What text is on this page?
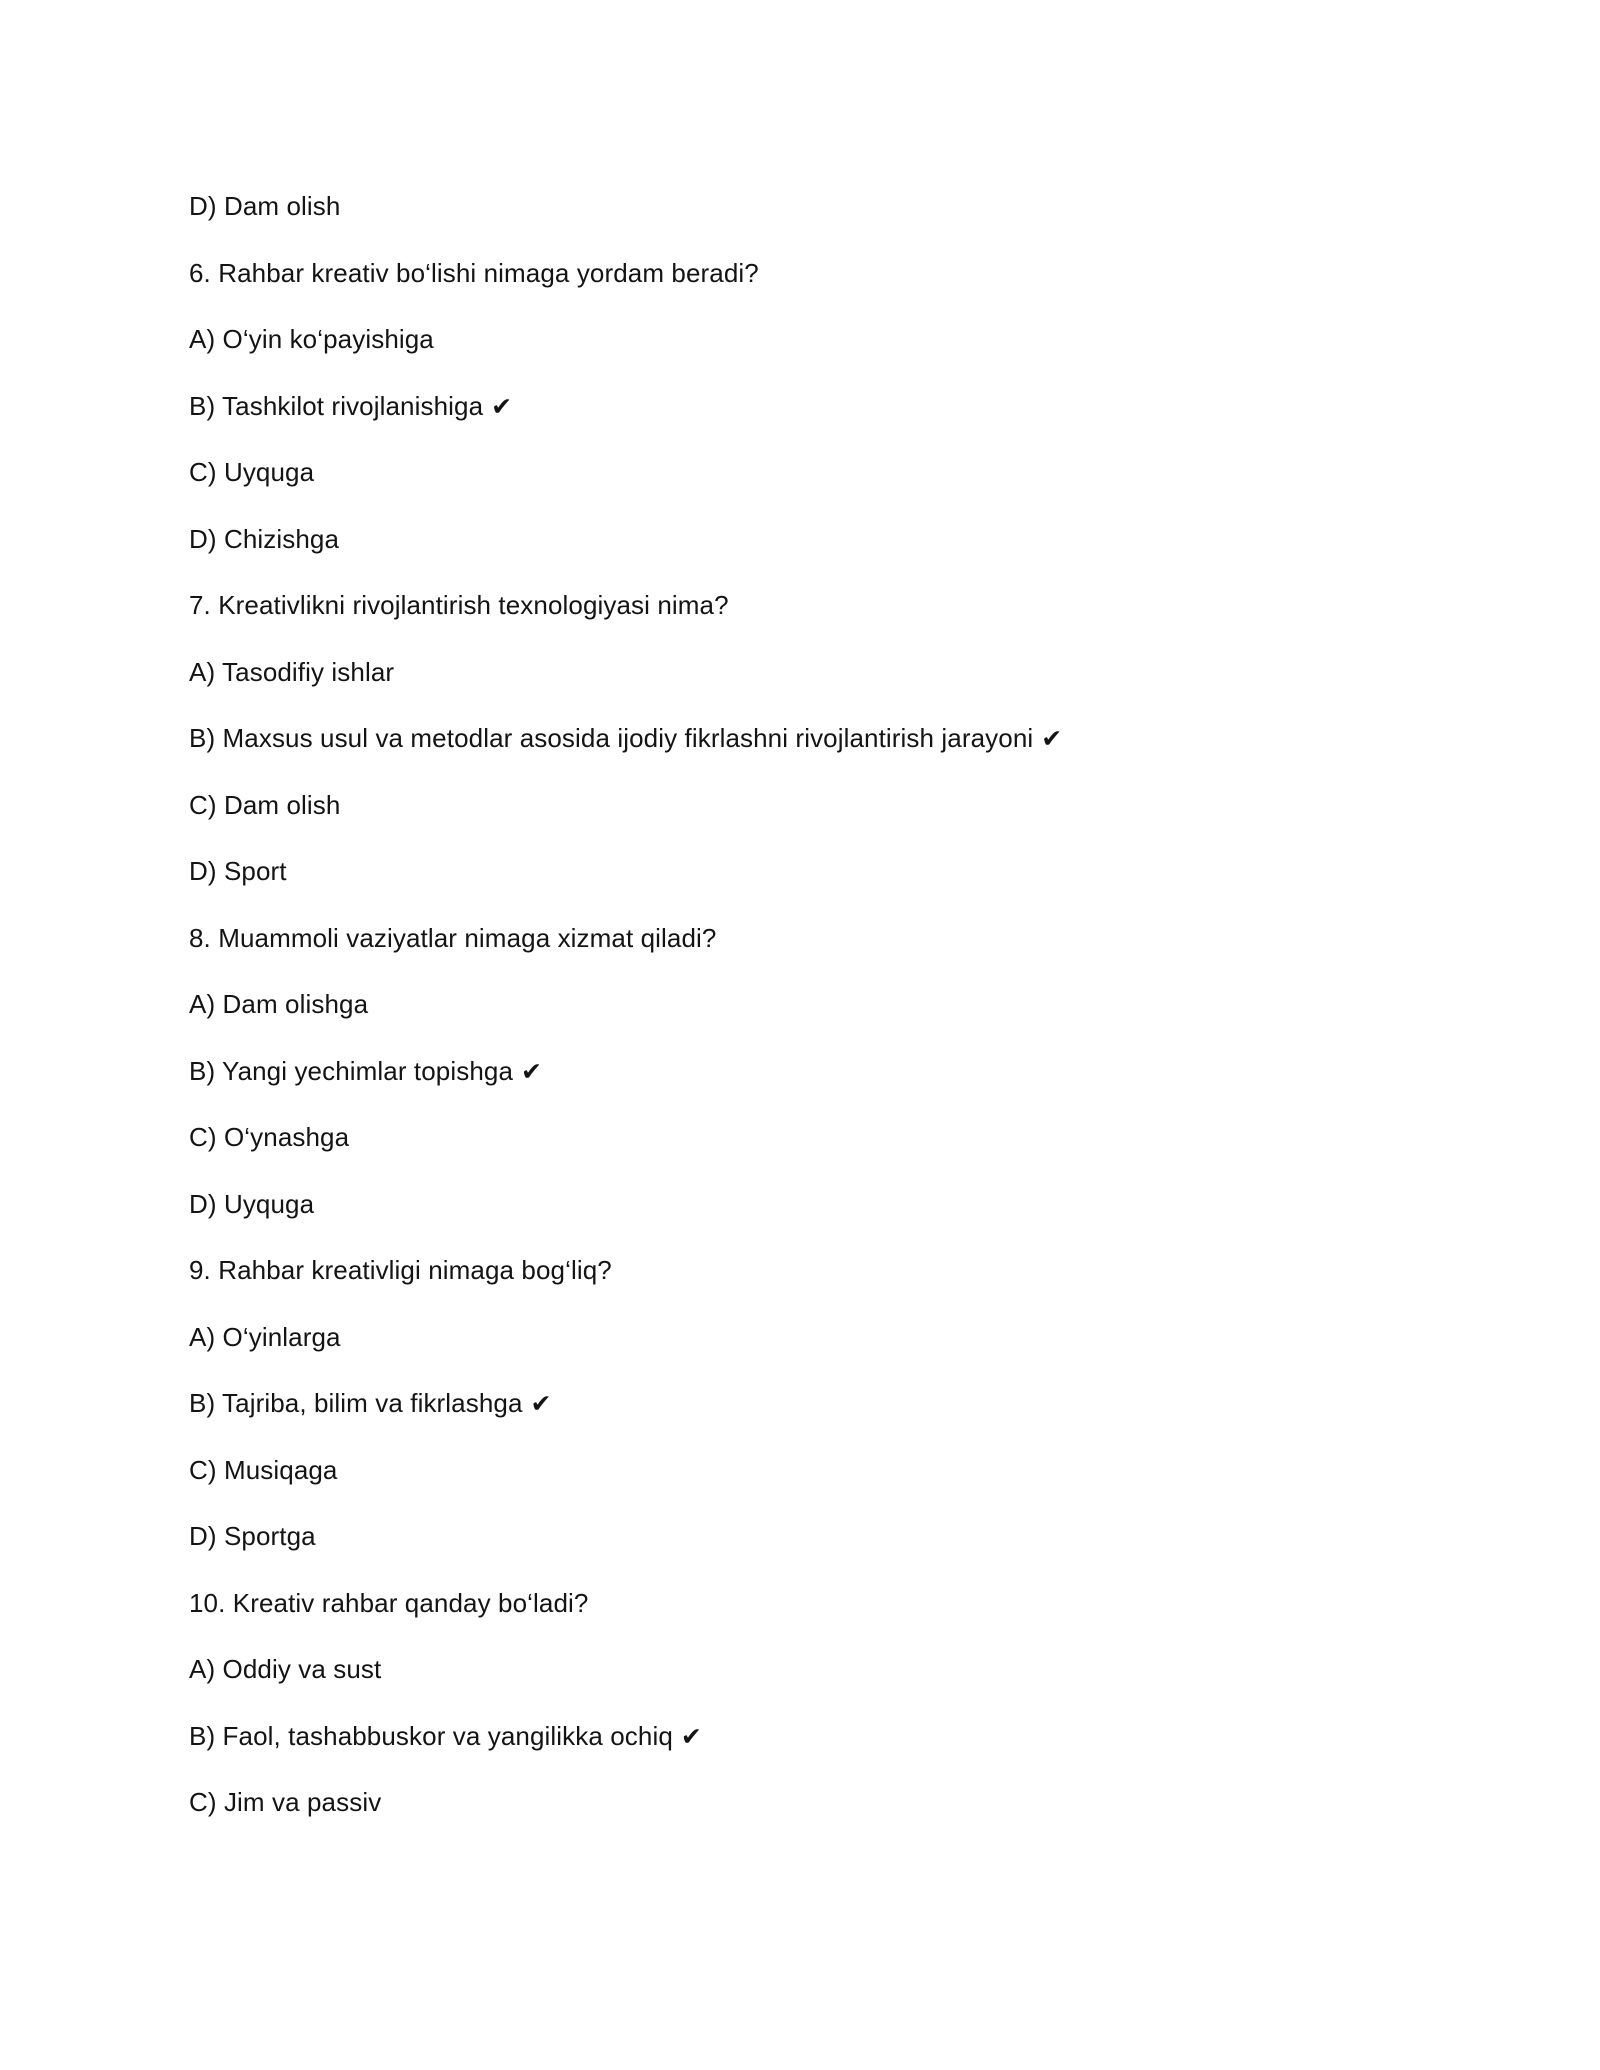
D) Dam olish
6. Rahbar kreativ bo‘lishi nimaga yordam beradi?
A) O‘yin ko‘payishiga
B) Tashkilot rivojlanishiga ✔
C) Uyquga
D) Chizishga
7. Kreativlikni rivojlantirish texnologiyasi nima?
A) Tasodifiy ishlar
B) Maxsus usul va metodlar asosida ijodiy fikrlashni rivojlantirish jarayoni ✔
C) Dam olish
D) Sport
8. Muammoli vaziyatlar nimaga xizmat qiladi?
A) Dam olishga
B) Yangi yechimlar topishga ✔
C) O‘ynashga
D) Uyquga
9. Rahbar kreativligi nimaga bog‘liq?
A) O‘yinlarga
B) Tajriba, bilim va fikrlashga ✔
C) Musiqaga
D) Sportga
10. Kreativ rahbar qanday bo‘ladi?
A) Oddiy va sust
B) Faol, tashabbuskor va yangilikka ochiq ✔
C) Jim va passiv
